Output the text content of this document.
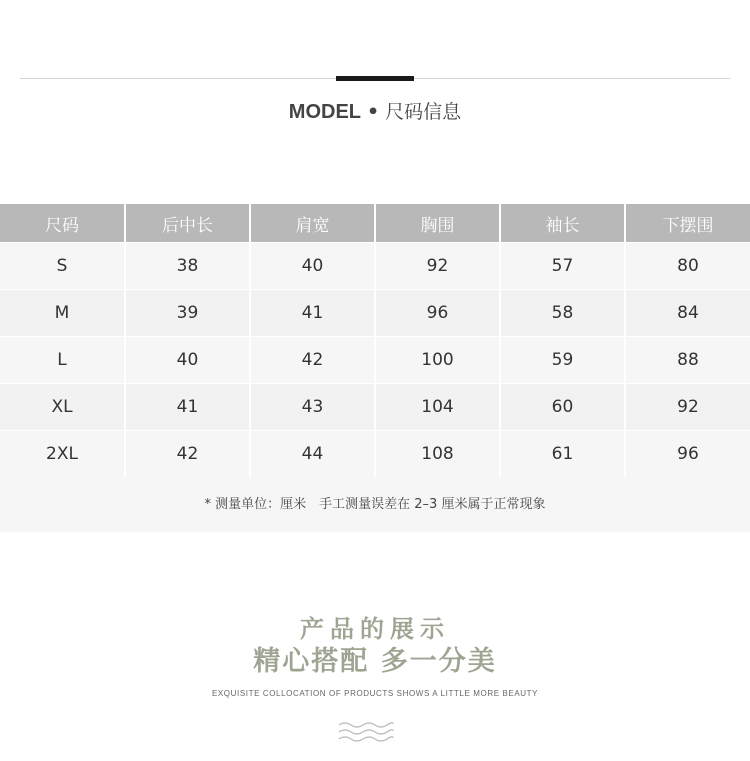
MODEL • 尺码信息
尺码	后中长	肩宽	胸围	袖长	下摆围
S	38	40	92	57	80
M	39	41	96	58	84
L	40	42	100	59	88
XL	41	43	104	60	92
2XL	42	44	108	61	96
* 测量单位：厘米　手工测量误差在 2–3 厘米属于正常现象
产品的展示
精心搭配 多一分美
EXQUISITE COLLOCATION OF PRODUCTS SHOWS A LITTLE MORE BEAUTY
